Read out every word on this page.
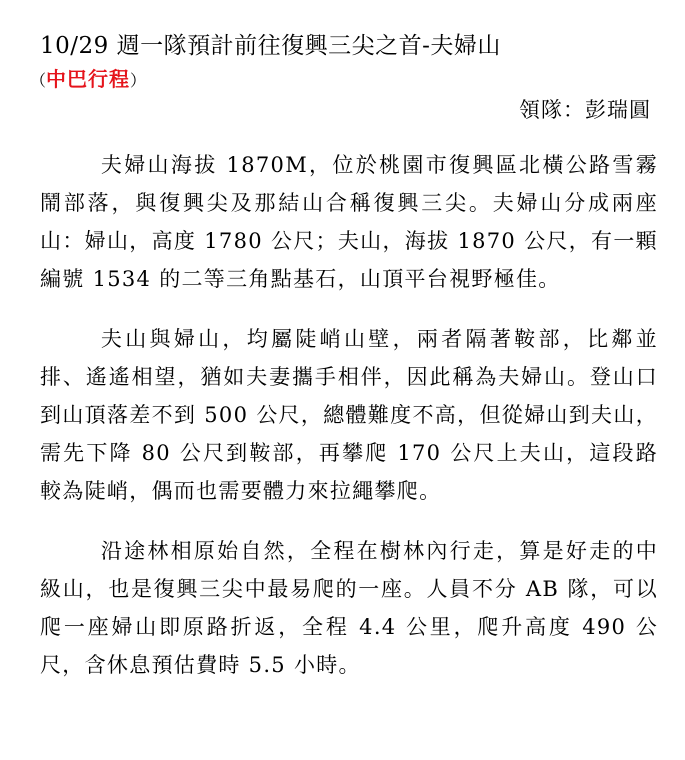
10/29 週一隊預計前往復興三尖之首-夫婦山
（中巴行程）
領隊：彭瑞圓

夫婦山海拔 1870M，位於桃園市復興區北橫公路雪霧鬧部落，與復興尖及那結山合稱復興三尖。夫婦山分成兩座山：婦山，高度 1780 公尺；夫山，海拔 1870 公尺，有一顆編號 1534 的二等三角點基石，山頂平台視野極佳。

夫山與婦山，均屬陡峭山壁，兩者隔著鞍部，比鄰並排、遙遙相望，猶如夫妻攜手相伴，因此稱為夫婦山。登山口到山頂落差不到 500 公尺，總體難度不高，但從婦山到夫山，需先下降 80 公尺到鞍部，再攀爬 170 公尺上夫山，這段路較為陡峭，偶而也需要體力來拉繩攀爬。

沿途林相原始自然，全程在樹林內行走，算是好走的中級山，也是復興三尖中最易爬的一座。人員不分 AB 隊，可以爬一座婦山即原路折返，全程 4.4 公里，爬升高度 490 公尺，含休息預估費時 5.5 小時。
